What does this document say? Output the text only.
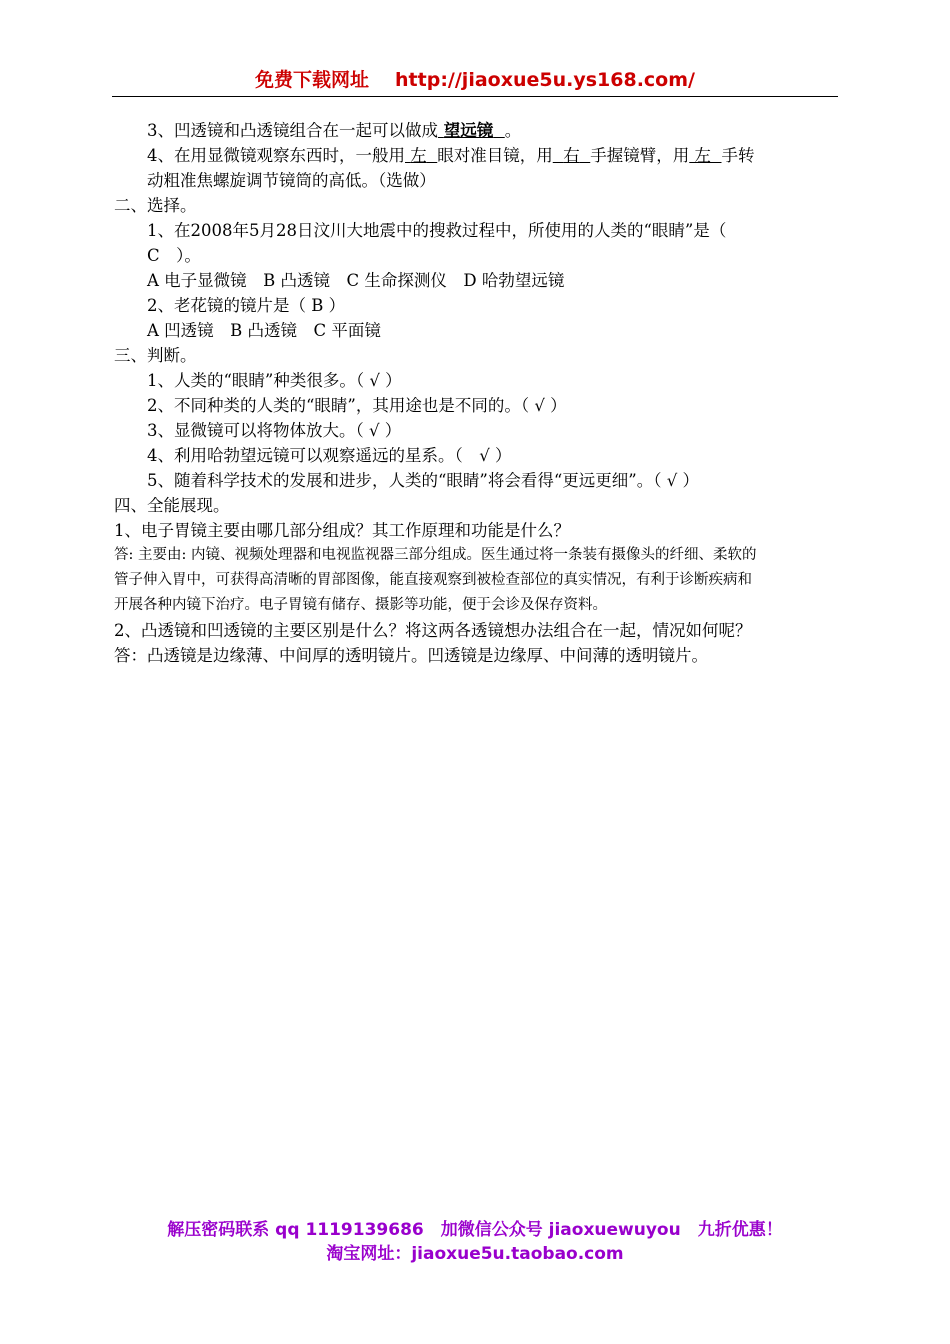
免费下载网址 http://jiaoxue5u.ys168.com/
3、凹透镜和凸透镜组合在一起可以做成 望远镜 。
4、在用显微镜观察东西时，一般用 左 眼对准目镜，用 右 手握镜臂，用 左 手转
动粗准焦螺旋调节镜筒的高低。（选做）
二、选择。
1、在2008年5月28日汶川大地震中的搜救过程中，所使用的人类的“眼睛”是（
C　）。
A 电子显微镜　B 凸透镜　C 生命探测仪　D 哈勃望远镜
2、老花镜的镜片是（ B ）
A 凹透镜　B 凸透镜　C 平面镜
三、判断。
1、人类的“眼睛”种类很多。（ √ ）
2、不同种类的人类的“眼睛”，其用途也是不同的。（ √ ）
3、显微镜可以将物体放大。（ √ ）
4、利用哈勃望远镜可以观察遥远的星系。（　√ ）
5、随着科学技术的发展和进步，人类的“眼睛”将会看得“更远更细”。（ √ ）
四、全能展现。
1、电子胃镜主要由哪几部分组成？其工作原理和功能是什么？
答: 主要由: 内镜、视频处理器和电视监视器三部分组成。医生通过将一条装有摄像头的纤细、柔软的
管子伸入胃中，可获得高清晰的胃部图像，能直接观察到被检查部位的真实情况，有利于诊断疾病和
开展各种内镜下治疗。电子胃镜有储存、摄影等功能，便于会诊及保存资料。
2、凸透镜和凹透镜的主要区别是什么？将这两各透镜想办法组合在一起，情况如何呢？
答：凸透镜是边缘薄、中间厚的透明镜片。凹透镜是边缘厚、中间薄的透明镜片。
解压密码联系 qq 1119139686　加微信公众号 jiaoxuewuyou　九折优惠！
淘宝网址：jiaoxue5u.taobao.com
